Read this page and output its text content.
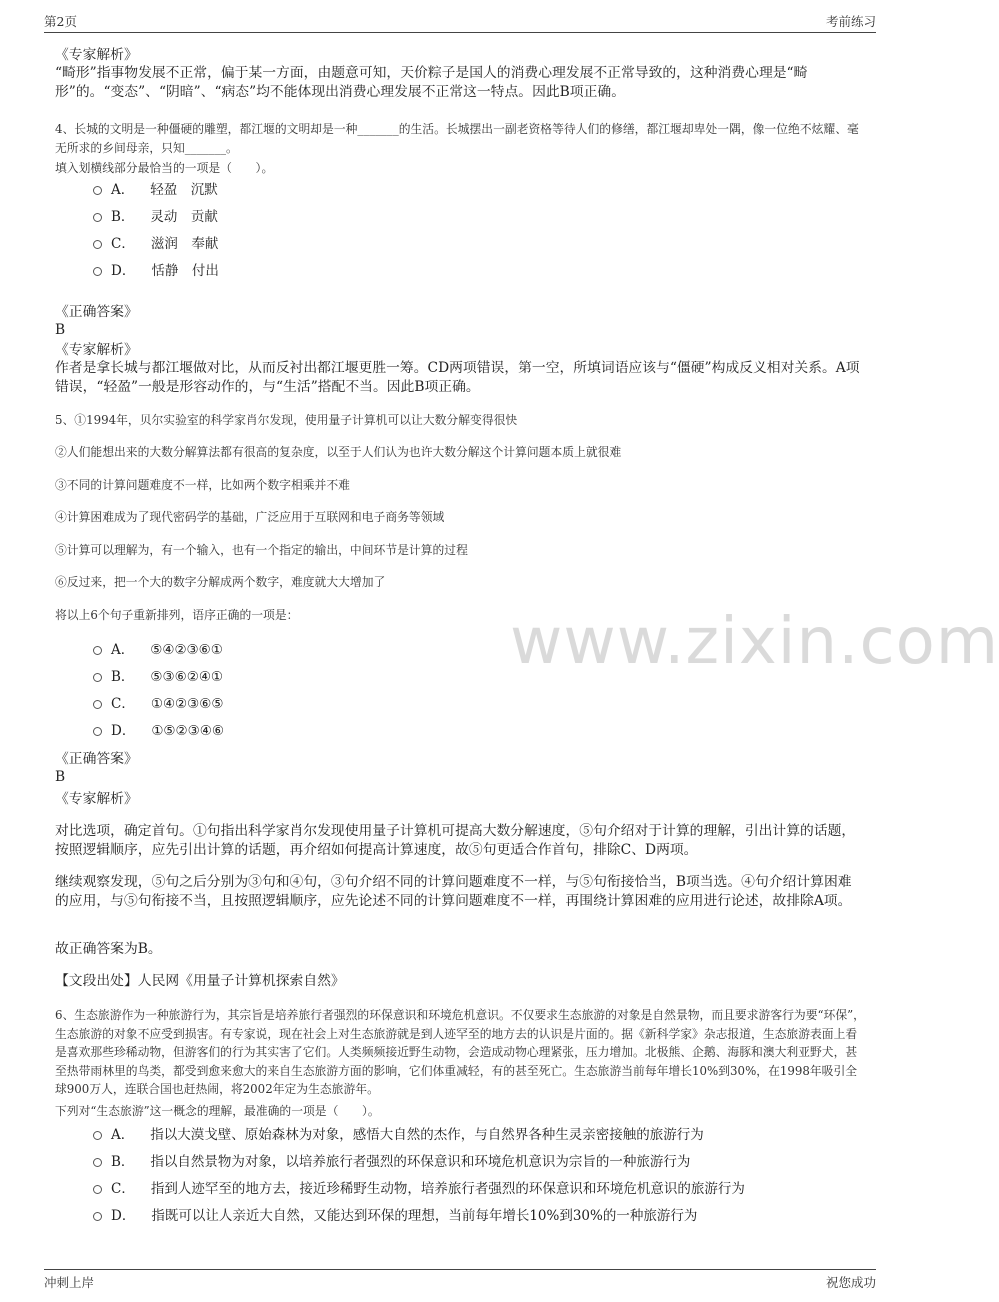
第2页	考前练习
www.zixin.com

《专家解析》

“畸形”指事物发展不正常，偏于某一方面，由题意可知，天价粽子是国人的消费心理发展不正常导致的，这种消费心理是“畸形”的。“变态”、“阴暗”、“病态”均不能体现出消费心理发展不正常这一特点。因此B项正确。

4、长城的文明是一种僵硬的雕塑，都江堰的文明却是一种_______的生活。长城摆出一副老资格等待人们的修缮，都江堰却卑处一隅，像一位绝不炫耀、毫无所求的乡间母亲，只知_______。

填入划横线部分最恰当的一项是（　　）。

A． 轻盈　沉默
B． 灵动　贡献
C． 滋润　奉献
D． 恬静　付出

《正确答案》

B

《专家解析》

作者是拿长城与都江堰做对比，从而反衬出都江堰更胜一筹。CD两项错误，第一空，所填词语应该与“僵硬”构成反义相对关系。A项错误，“轻盈”一般是形容动作的，与“生活”搭配不当。因此B项正确。

5、①1994年，贝尔实验室的科学家肖尔发现，使用量子计算机可以让大数分解变得很快

②人们能想出来的大数分解算法都有很高的复杂度，以至于人们认为也许大数分解这个计算问题本质上就很难

③不同的计算问题难度不一样，比如两个数字相乘并不难

④计算困难成为了现代密码学的基础，广泛应用于互联网和电子商务等领域

⑤计算可以理解为，有一个输入，也有一个指定的输出，中间环节是计算的过程

⑥反过来，把一个大的数字分解成两个数字，难度就大大增加了

将以上6个句子重新排列，语序正确的一项是：

A． ⑤④②③⑥①
B． ⑤③⑥②④①
C． ①④②③⑥⑤
D． ①⑤②③④⑥

《正确答案》

B

《专家解析》

对比选项，确定首句。①句指出科学家肖尔发现使用量子计算机可提高大数分解速度，⑤句介绍对于计算的理解，引出计算的话题，按照逻辑顺序，应先引出计算的话题，再介绍如何提高计算速度，故⑤句更适合作首句，排除C、D两项。

继续观察发现，⑤句之后分别为③句和④句，③句介绍不同的计算问题难度不一样，与⑤句衔接恰当，B项当选。④句介绍计算困难的应用，与⑤句衔接不当，且按照逻辑顺序，应先论述不同的计算问题难度不一样，再围绕计算困难的应用进行论述，故排除A项。

故正确答案为B。

【文段出处】人民网《用量子计算机探索自然》

6、生态旅游作为一种旅游行为，其宗旨是培养旅行者强烈的环保意识和环境危机意识。不仅要求生态旅游的对象是自然景物，而且要求游客行为要“环保”，生态旅游的对象不应受到损害。有专家说，现在社会上对生态旅游就是到人迹罕至的地方去的认识是片面的。据《新科学家》杂志报道，生态旅游表面上看是喜欢那些珍稀动物，但游客们的行为其实害了它们。人类频频接近野生动物，会造成动物心理紧张，压力增加。北极熊、企鹅、海豚和澳大利亚野犬，甚至热带雨林里的鸟类，都受到愈来愈大的来自生态旅游方面的影响，它们体重减轻，有的甚至死亡。生态旅游当前每年增长10%到30%，在1998年吸引全球900万人，连联合国也赶热闹，将2002年定为生态旅游年。

下列对“生态旅游”这一概念的理解，最准确的一项是（　　）。

A． 指以大漠戈壁、原始森林为对象，感悟大自然的杰作，与自然界各种生灵亲密接触的旅游行为
B． 指以自然景物为对象，以培养旅行者强烈的环保意识和环境危机意识为宗旨的一种旅游行为
C． 指到人迹罕至的地方去，接近珍稀野生动物，培养旅行者强烈的环保意识和环境危机意识的旅游行为
D． 指既可以让人亲近大自然，又能达到环保的理想，当前每年增长10%到30%的一种旅游行为
冲刺上岸	祝您成功
